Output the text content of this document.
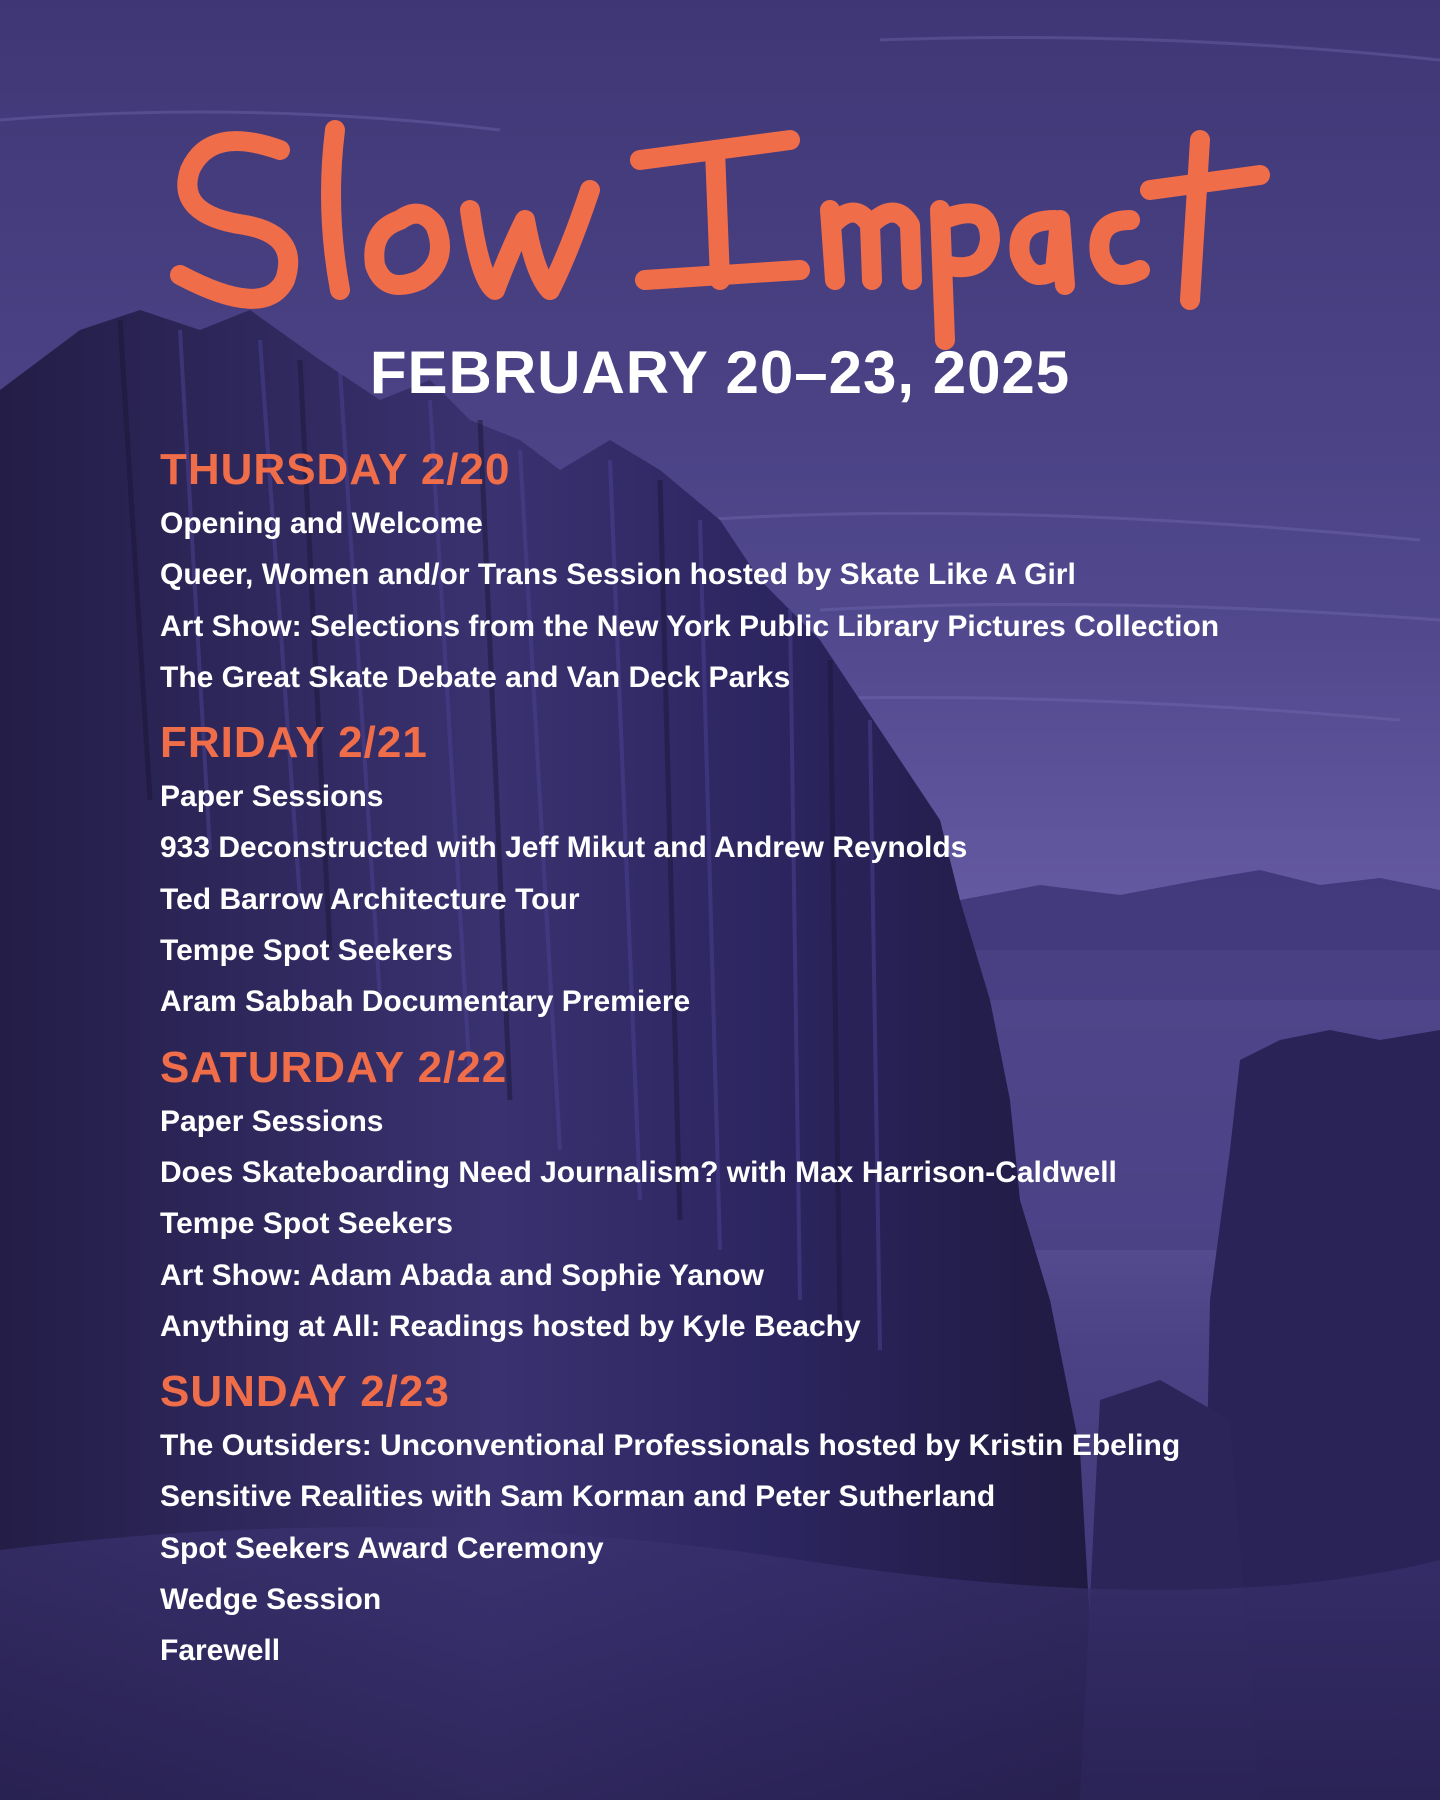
FEBRUARY 20–23, 2025
THURSDAY 2/20
Opening and Welcome
Queer, Women and/or Trans Session hosted by Skate Like A Girl
Art Show: Selections from the New York Public Library Pictures Collection
The Great Skate Debate and Van Deck Parks
FRIDAY 2/21
Paper Sessions
933 Deconstructed with Jeff Mikut and Andrew Reynolds
Ted Barrow Architecture Tour
Tempe Spot Seekers
Aram Sabbah Documentary Premiere
SATURDAY 2/22
Paper Sessions
Does Skateboarding Need Journalism? with Max Harrison-Caldwell
Tempe Spot Seekers
Art Show: Adam Abada and Sophie Yanow
Anything at All: Readings hosted by Kyle Beachy
SUNDAY 2/23
The Outsiders: Unconventional Professionals hosted by Kristin Ebeling
Sensitive Realities with Sam Korman and Peter Sutherland
Spot Seekers Award Ceremony
Wedge Session
Farewell
